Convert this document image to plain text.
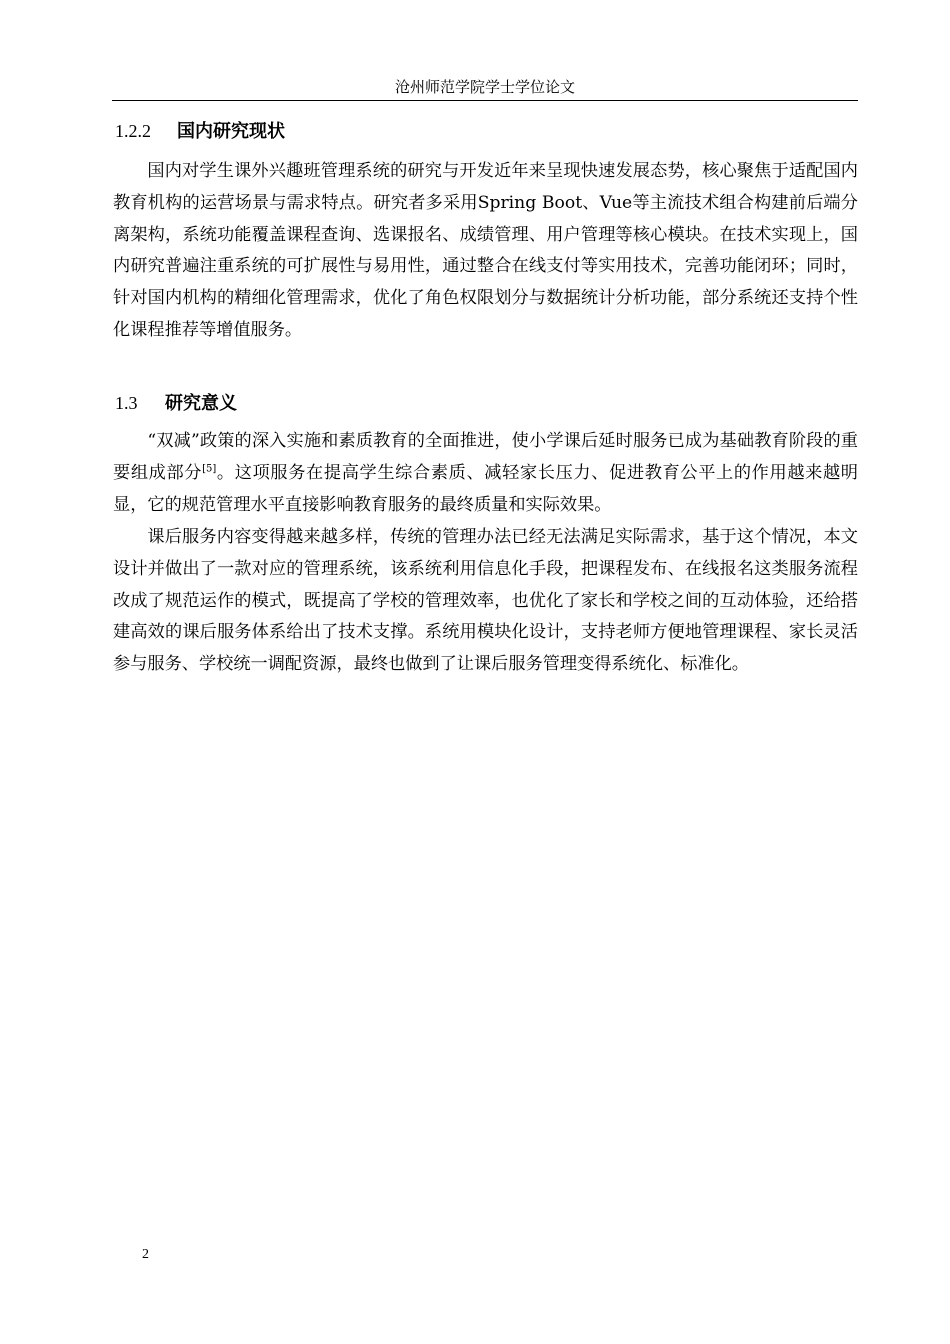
沧州师范学院学士学位论文
1.2.2 国内研究现状

国内对学生课外兴趣班管理系统的研究与开发近年来呈现快速发展态势，核心聚焦于适配国内教育机构的运营场景与需求特点。研究者多采用Spring Boot、Vue等主流技术组合构建前后端分离架构，系统功能覆盖课程查询、选课报名、成绩管理、用户管理等核心模块。在技术实现上，国内研究普遍注重系统的可扩展性与易用性，通过整合在线支付等实用技术，完善功能闭环；同时，针对国内机构的精细化管理需求，优化了角色权限划分与数据统计分析功能，部分系统还支持个性化课程推荐等增值服务。

1.3 研究意义

“双减”政策的深入实施和素质教育的全面推进，使小学课后延时服务已成为基础教育阶段的重要组成部分[5]。这项服务在提高学生综合素质、减轻家长压力、促进教育公平上的作用越来越明显，它的规范管理水平直接影响教育服务的最终质量和实际效果。

课后服务内容变得越来越多样，传统的管理办法已经无法满足实际需求，基于这个情况，本文设计并做出了一款对应的管理系统，该系统利用信息化手段，把课程发布、在线报名这类服务流程改成了规范运作的模式，既提高了学校的管理效率，也优化了家长和学校之间的互动体验，还给搭建高效的课后服务体系给出了技术支撑。系统用模块化设计，支持老师方便地管理课程、家长灵活参与服务、学校统一调配资源，最终也做到了让课后服务管理变得系统化、标准化。

2
